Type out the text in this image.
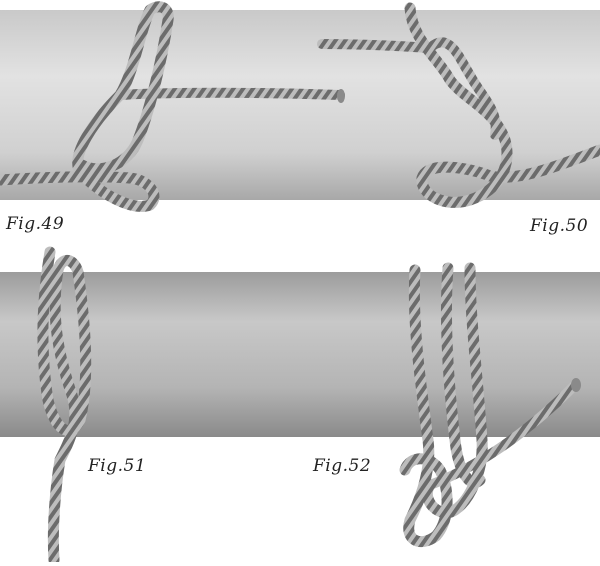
Fig.49	Fig.50
Fig.51	Fig.52
